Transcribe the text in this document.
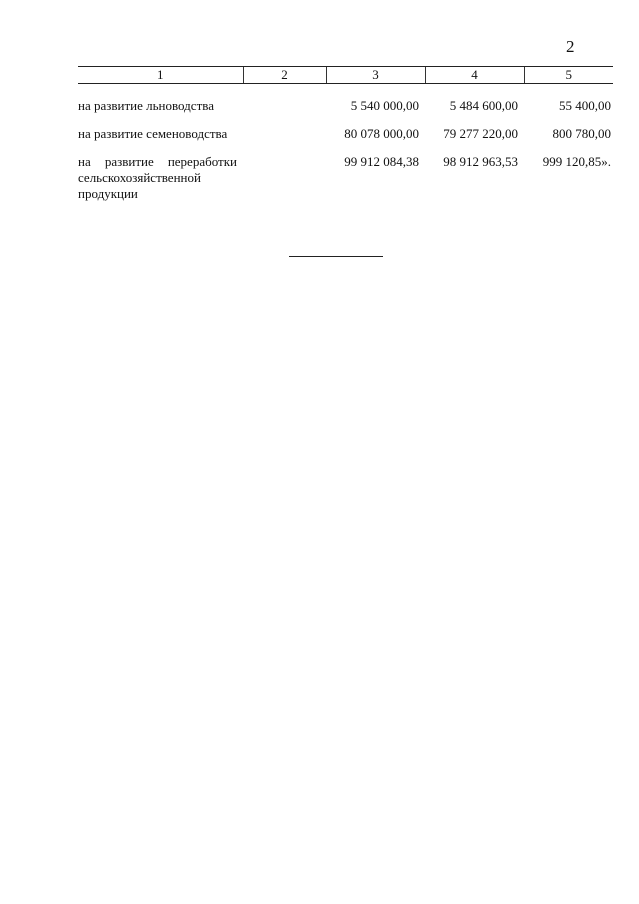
2
1	2	3	4	5
на развитие льноводства		5 540 000,00	5 484 600,00	55 400,00
на развитие семеноводства		80 078 000,00	79 277 220,00	800 780,00
на развитие переработки сельскохозяйственной продукции		99 912 084,38	98 912 963,53	999 120,85».
